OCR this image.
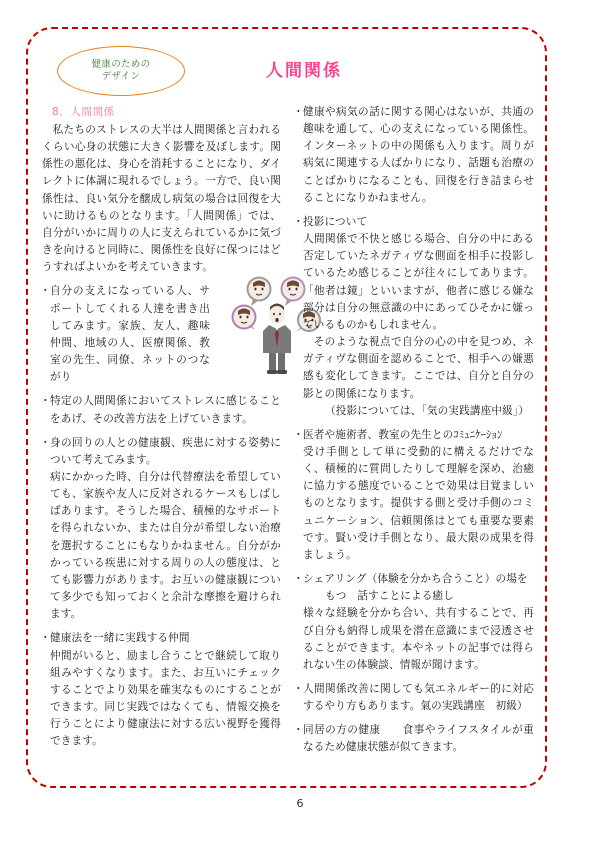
健康のための
デザイン	人間関係
8．人間関係

私たちのストレスの大半は人間関係と言われるくらい心身の状態に大きく影響を及ぼします。関係性の悪化は、身心を消耗することになり、ダイレクトに体調に現れるでしょう。一方で、良い関係性は、良い気分を醸成し病気の場合は回復を大いに助けるものとなります。「人間関係」では、自分がいかに周りの人に支えられているかに気づきを向けると同時に、関係性を良好に保つにはどうすればよいかを考えていきます。

・ 自分の支えになっている人、サポートしてくれる人達を書き出してみます。家族、友人、趣味仲間、地域の人、医療関係、教室の先生、同僚、ネットのつながり
・ 特定の人間関係においてストレスに感じることをあげ、その改善方法を上げていきます。
・ 身の回りの人との健康観、疾患に対する姿勢について考えてみます。
病にかかった時、自分は代替療法を希望していても、家族や友人に反対されるケースもしばしばあります。そうした場合、積極的なサポートを得られないか、または自分が希望しない治療を選択することにもなりかねません。自分がかかっている疾患に対する周りの人の態度は、とても影響力があります。お互いの健康観について多少でも知っておくと余計な摩擦を避けられます。
・ 健康法を一緒に実践する仲間
仲間がいると、励まし合うことで継続して取り組みやすくなります。また、お互いにチェックすることでより効果を確実なものにすることができます。同じ実践ではなくても、情報交換を行うことにより健康法に対する広い視野を獲得できます。
・ 健康や病気の話に関する関心はないが、共通の趣味を通して、心の支えになっている関係性。インターネットの中の関係も入ります。周りが病気に関連する人ばかりになり、話題も治療のことばかりになることも、回復を行き詰まらせることになりかねません。
・ 投影について
人間関係で不快と感じる場合、自分の中にある否定していたネガティヴな側面を相手に投影しているため感じることが往々にしてあります。「他者は鏡」といいますが、他者に感じる嫌な部分は自分の無意識の中にあってひそかに嫌っているものかもしれません。
そのような視点で自分の心の中を見つめ、ネガティヴな側面を認めることで、相手への嫌悪感も変化してきます。ここでは、自分と自分の影との関係になります。
（投影については、「気の実践講座中級」）
・ 医者や施術者、教室の先生とのｺﾐｭﾆｹｰｼｮﾝ
受け手側として単に受動的に構えるだけでなく、積極的に質問したりして理解を深め、治癒に協力する態度でいることで効果は目覚ましいものとなります。提供する側と受け手側のコミュニケーション、信頼関係はとても重要な要素です。賢い受け手側となり、最大限の成果を得ましょう。
・ シェアリング（体験を分かち合うこと）の場を
もつ　話すことによる癒し
様々な経験を分かち合い、共有することで、再び自分も納得し成果を潜在意識にまで浸透させることができます。本やネットの記事では得られない生の体験談、情報が聞けます。
・ 人間関係改善に関しても気エネルギー的に対応するやり方もあります。氣の実践講座　初級）
・ 同居の方の健康　　食事やライフスタイルが重なるため健康状態が似てきます。
6
